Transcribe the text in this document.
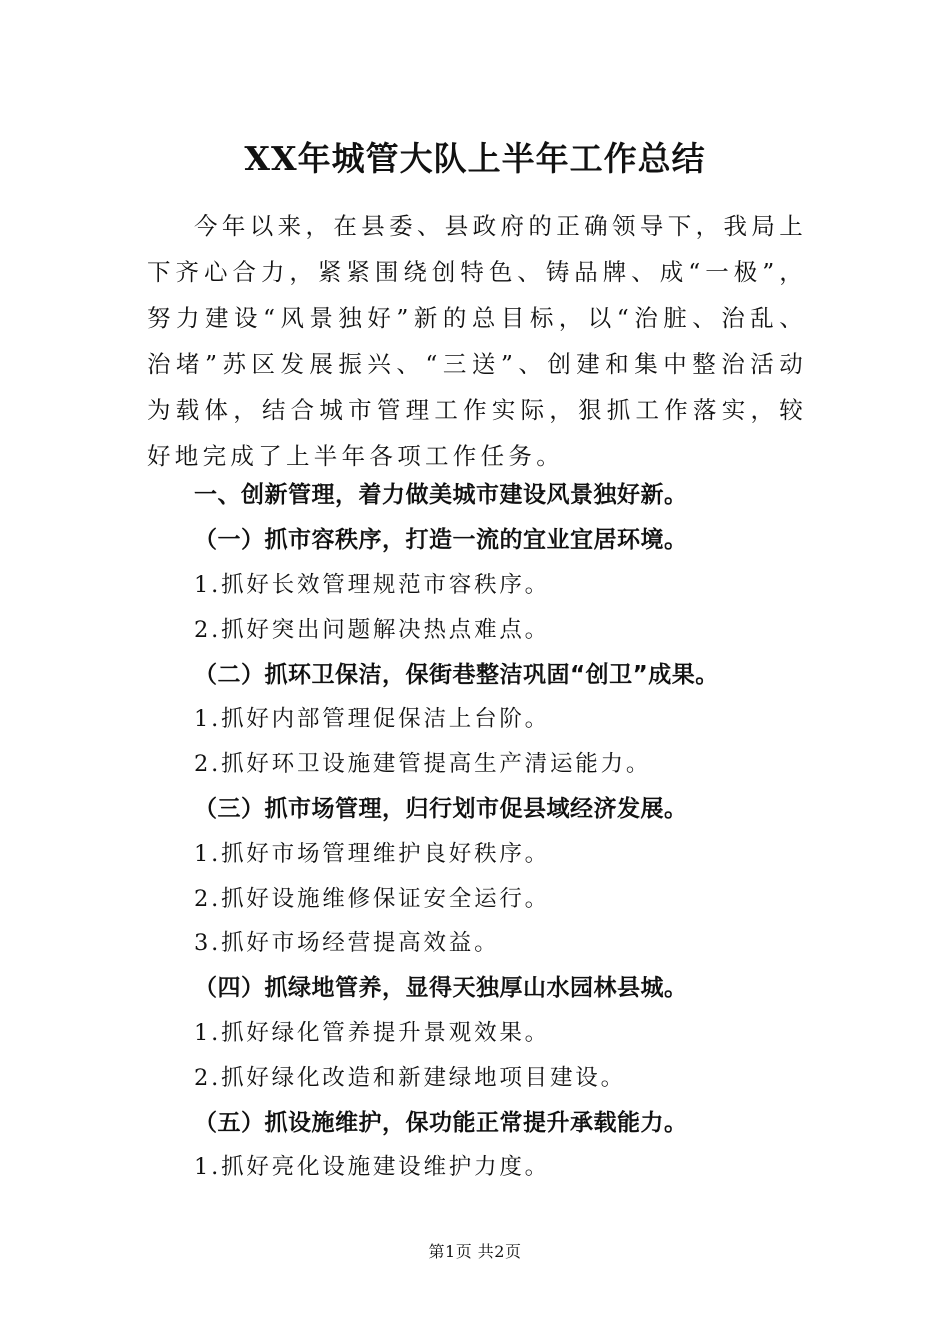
XX年城管大队上半年工作总结
今年以来，在县委、县政府的正确领导下，我局上下齐心合力，紧紧围绕创特色、铸品牌、成“一极”，努力建设“风景独好”新的总目标，以“治脏、治乱、治堵”苏区发展振兴、“三送”、创建和集中整治活动为载体，结合城市管理工作实际，狠抓工作落实，较好地完成了上半年各项工作任务。
一、创新管理，着力做美城市建设风景独好新。
（一）抓市容秩序，打造一流的宜业宜居环境。
1.抓好长效管理规范市容秩序。
2.抓好突出问题解决热点难点。
（二）抓环卫保洁，保街巷整洁巩固“创卫”成果。
1.抓好内部管理促保洁上台阶。
2.抓好环卫设施建管提高生产清运能力。
（三）抓市场管理，归行划市促县域经济发展。
1.抓好市场管理维护良好秩序。
2.抓好设施维修保证安全运行。
3.抓好市场经营提高效益。
（四）抓绿地管养，显得天独厚山水园林县城。
1.抓好绿化管养提升景观效果。
2.抓好绿化改造和新建绿地项目建设。
（五）抓设施维护，保功能正常提升承载能力。
1.抓好亮化设施建设维护力度。
第1页 共2页
